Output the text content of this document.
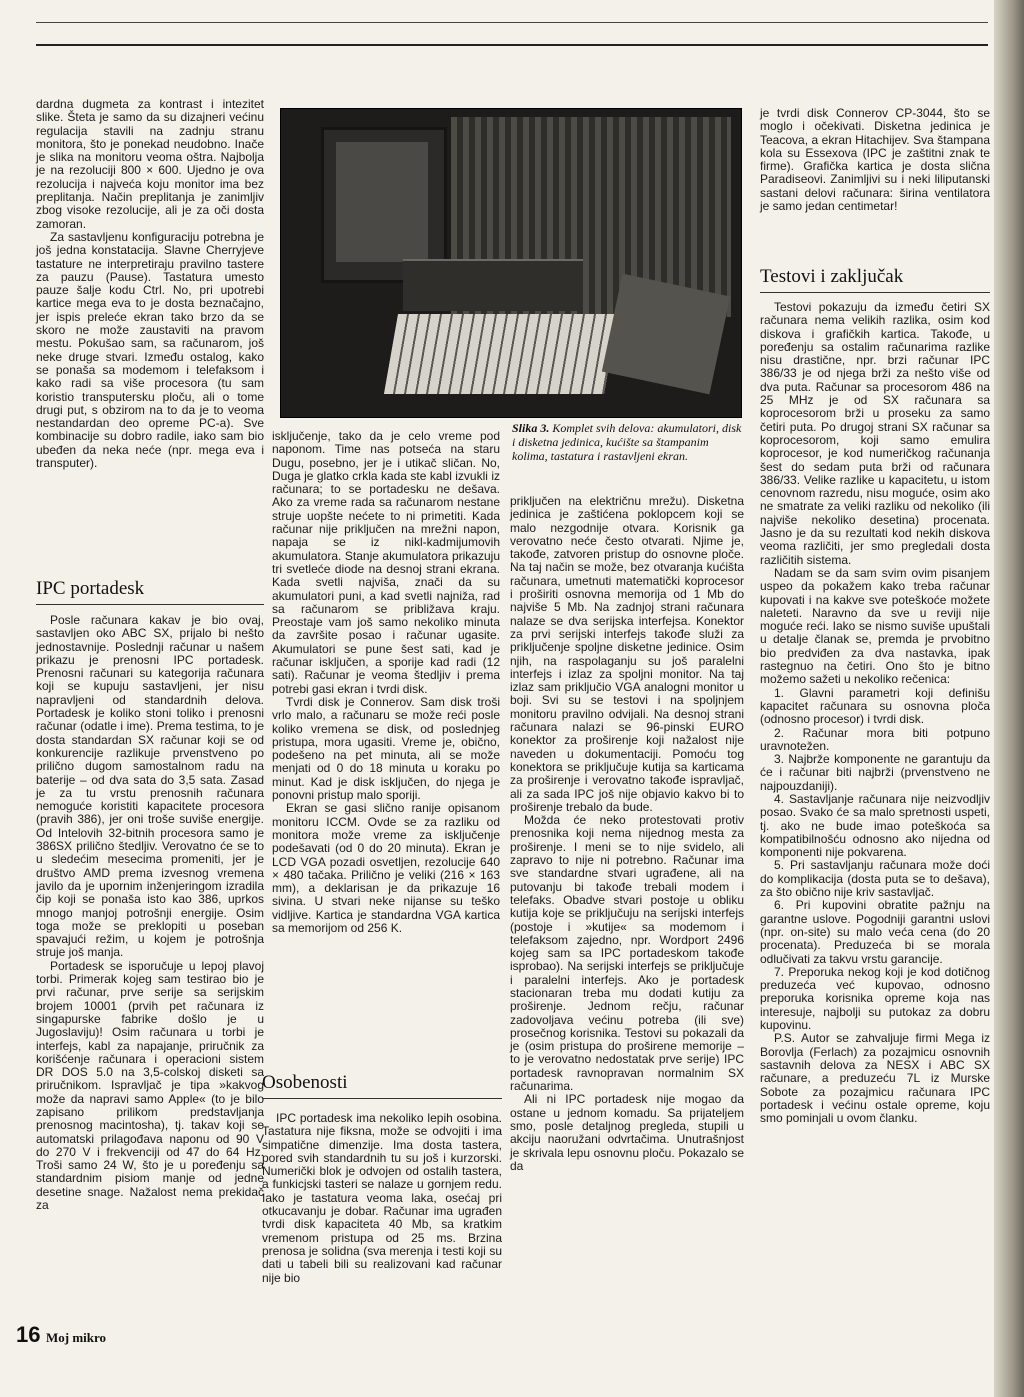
dardna dugmeta za kontrast i intezitet slike. Šteta je samo da su dizajneri većinu regulacija stavili na zadnju stranu monitora, što je ponekad neudobno. Inače je slika na monitoru veoma oštra. Najbolja je na rezoluciji 800 × 600. Ujedno je ova rezolucija i najveća koju monitor ima bez preplitanja. Način preplitanja je zanimljiv zbog visoke rezolucije, ali je za oči dosta zamoran.

Za sastavljenu konfiguraciju potrebna je još jedna konstatacija. Slavne Cherryjeve tastature ne interpretiraju pravilno tastere za pauzu (Pause). Tastatura umesto pauze šalje kodu Ctrl. No, pri upotrebi kartice mega eva to je dosta beznačajno, jer ispis preleće ekran tako brzo da se skoro ne može zaustaviti na pravom mestu. Pokušao sam, sa računarom, još neke druge stvari. Između ostalog, kako se ponaša sa modemom i telefaksom i kako radi sa više procesora (tu sam koristio transputersku ploču, ali o tome drugi put, s obzirom na to da je to veoma nestandardan deo opreme PC-a). Sve kombinacije su dobro radile, iako sam bio ubeđen da neka neće (npr. mega eva i transputer).

IPC portadesk

Posle računara kakav je bio ovaj, sastavljen oko ABC SX, prijalo bi nešto jednostavnije. Poslednji računar u našem prikazu je prenosni IPC portadesk. Prenosni računari su kategorija računara koji se kupuju sastavljeni, jer nisu napravljeni od standardnih delova. Portadesk je koliko stoni toliko i prenosni računar (odatle i ime). Prema testima, to je dosta standardan SX računar koji se od konkurencije razlikuje prvenstveno po prilično dugom samostalnom radu na baterije – od dva sata do 3,5 sata. Zasad je za tu vrstu prenosnih računara nemoguće koristiti kapacitete procesora (pravih 386), jer oni troše suviše energije. Od Intelovih 32-bitnih procesora samo je 386SX prilično štedljiv. Verovatno će se to u sledećim mesecima promeniti, jer je društvo AMD prema izvesnog vremena javilo da je upornim inženjeringom izradila čip koji se ponaša isto kao 386, uprkos mnogo manjoj potrošnji energije. Osim toga može se preklopiti u poseban spavajući režim, u kojem je potrošnja struje još manja.

Portadesk se isporučuje u lepoj plavoj torbi. Primerak kojeg sam testirao bio je prvi računar, prve serije sa serijskim brojem 10001 (prvih pet računara iz singapurske fabrike došlo je u Jugoslaviju)! Osim računara u torbi je interfejs, kabl za napajanje, priručnik za korišćenje računara i operacioni sistem DR DOS 5.0 na 3,5-colskoj disketi sa priručnikom. Ispravljač je tipa »kakvog može da napravi samo Apple« (to je bilo zapisano prilikom predstavljanja prenosnog macintosha), tj. takav koji se automatski prilagođava naponu od 90 V do 270 V i frekvenciji od 47 do 64 Hz. Troši samo 24 W, što je u poređenju sa standardnim pisiom manje od jedne desetine snage. Nažalost nema prekidač za

Slika 3. Komplet svih delova: akumulatori, disk i disketna jedinica, kućište sa štampanim kolima, tastatura i rastavljeni ekran.

isključenje, tako da je celo vreme pod naponom. Time nas potseća na staru Dugu, posebno, jer je i utikač sličan. No, Duga je glatko crkla kada ste kabl izvukli iz računara; to se portadesku ne dešava. Ako za vreme rada sa računarom nestane struje uopšte nećete to ni primetiti. Kada računar nije priključen na mrežni napon, napaja se iz nikl-kadmijumovih akumulatora. Stanje akumulatora prikazuju tri svetleće diode na desnoj strani ekrana. Kada svetli najviša, znači da su akumulatori puni, a kad svetli najniža, rad sa računarom se približava kraju. Preostaje vam još samo nekoliko minuta da završite posao i računar ugasite. Akumulatori se pune šest sati, kad je računar isključen, a sporije kad radi (12 sati). Računar je veoma štedljiv i prema potrebi gasi ekran i tvrdi disk.

Tvrdi disk je Connerov. Sam disk troši vrlo malo, a računaru se može reći posle koliko vremena se disk, od poslednjeg pristupa, mora ugasiti. Vreme je, obično, podešeno na pet minuta, ali se može menjati od 0 do 18 minuta u koraku po minut. Kad je disk isključen, do njega je ponovni pristup malo sporiji.

Ekran se gasi slično ranije opisanom monitoru ICCM. Ovde se za razliku od monitora može vreme za isključenje podešavati (od 0 do 20 minuta). Ekran je LCD VGA pozadi osvetljen, rezolucije 640 × 480 tačaka. Prilično je veliki (216 × 163 mm), a deklarisan je da prikazuje 16 sivina. U stvari neke nijanse su teško vidljive. Kartica je standardna VGA kartica sa memorijom od 256 K.

Osobenosti

IPC portadesk ima nekoliko lepih osobina. Tastatura nije fiksna, može se odvojiti i ima simpatične dimenzije. Ima dosta tastera, pored svih standardnih tu su još i kurzorski. Numerički blok je odvojen od ostalih tastera, a funkicjski tasteri se nalaze u gornjem redu. Iako je tastatura veoma laka, osećaj pri otkucavanju je dobar. Računar ima ugrađen tvrdi disk kapaciteta 40 Mb, sa kratkim vremenom pristupa od 25 ms. Brzina prenosa je solidna (sva merenja i testi koji su dati u tabeli bili su realizovani kad računar nije bio

priključen na električnu mrežu). Disketna jedinica je zaštićena poklopcem koji se malo nezgodnije otvara. Korisnik ga verovatno neće često otvarati. Njime je, takođe, zatvoren pristup do osnovne ploče. Na taj način se može, bez otvaranja kućišta računara, umetnuti matematički koprocesor i proširiti osnovna memorija od 1 Mb do najviše 5 Mb. Na zadnjoj strani računara nalaze se dva serijska interfejsa. Konektor za prvi serijski interfejs takođe služi za priključenje spoljne disketne jedinice. Osim njih, na raspolaganju su još paralelni interfejs i izlaz za spoljni monitor. Na taj izlaz sam priključio VGA analogni monitor u boji. Svi su se testovi i na spoljnjem monitoru pravilno odvijali. Na desnoj strani računara nalazi se 96-pinski EURO konektor za proširenje koji nažalost nije naveden u dokumentaciji. Pomoću tog konektora se priključuje kutija sa karticama za proširenje i verovatno takođe ispravljač, ali za sada IPC još nije objavio kakvo bi to proširenje trebalo da bude.

Možda će neko protestovati protiv prenosnika koji nema nijednog mesta za proširenje. I meni se to nije svidelo, ali zapravo to nije ni potrebno. Računar ima sve standardne stvari ugrađene, ali na putovanju bi takođe trebali modem i telefaks. Obadve stvari postoje u obliku kutija koje se priključuju na serijski interfejs (postoje i »kutije« sa modemom i telefaksom zajedno, npr. Wordport 2496 kojeg sam sa IPC portadeskom takođe isprobao). Na serijski interfejs se priključuje i paralelni interfejs. Ako je portadesk stacionaran treba mu dodati kutiju za proširenje. Jednom rečju, računar zadovoljava većinu potreba (ili sve) prosečnog korisnika. Testovi su pokazali da je (osim pristupa do proširene memorije – to je verovatno nedostatak prve serije) IPC portadesk ravnopravan normalnim SX računarima.

Ali ni IPC portadesk nije mogao da ostane u jednom komadu. Sa prijateljem smo, posle detaljnog pregleda, stupili u akciju naoružani odvrtačima. Unutrašnjost je skrivala lepu osnovnu ploču. Pokazalo se da

je tvrdi disk Connerov CP-3044, što se moglo i očekivati. Disketna jedinica je Teacova, a ekran Hitachijev. Sva štampana kola su Essexova (IPC je zaštitni znak te firme). Grafička kartica je dosta slična Paradiseovi. Zanimljivi su i neki liliputanski sastani delovi računara: širina ventilatora je samo jedan centimetar!

Testovi i zaključak

Testovi pokazuju da između četiri SX računara nema velikih razlika, osim kod diskova i grafičkih kartica. Takođe, u poređenju sa ostalim računarima razlike nisu drastične, npr. brzi računar IPC 386/33 je od njega brži za nešto više od dva puta. Računar sa procesorom 486 na 25 MHz je od SX računara sa koprocesorom brži u proseku za samo četiri puta. Po drugoj strani SX računar sa koprocesorom, koji samo emulira koprocesor, je kod numeričkog računanja šest do sedam puta brži od računara 386/33. Velike razlike u kapacitetu, u istom cenovnom razredu, nisu moguće, osim ako ne smatrate za veliki razliku od nekoliko (ili najviše nekoliko desetina) procenata. Jasno je da su rezultati kod nekih diskova veoma različiti, jer smo pregledali dosta različitih sistema.

Nadam se da sam svim ovim pisanjem uspeo da pokažem kako treba računar kupovati i na kakve sve poteškoće možete naleteti. Naravno da sve u reviji nije moguće reći. Iako se nismo suviše upuštali u detalje članak se, premda je prvobitno bio predviđen za dva nastavka, ipak rastegnuo na četiri. Ono što je bitno možemo sažeti u nekoliko rečenica:

1. Glavni parametri koji definišu kapacitet računara su osnovna ploča (odnosno procesor) i tvrdi disk.

2. Računar mora biti potpuno uravnotežen.

3. Najbrže komponente ne garantuju da će i računar biti najbrži (prvenstveno ne najpouzdaniji).

4. Sastavljanje računara nije neizvodljiv posao. Svako će sa malo spretnosti uspeti, tj. ako ne bude imao poteškoća sa kompatibilnošću odnosno ako nijedna od komponenti nije pokvarena.

5. Pri sastavljanju računara može doći do komplikacija (dosta puta se to dešava), za što obično nije kriv sastavljač.

6. Pri kupovini obratite pažnju na garantne uslove. Pogodniji garantni uslovi (npr. on-site) su malo veća cena (do 20 procenata). Preduzeća bi se morala odlučivati za takvu vrstu garancije.

7. Preporuka nekog koji je kod dotičnog preduzeća već kupovao, odnosno preporuka korisnika opreme koja nas interesuje, najbolji su putokaz za dobru kupovinu.

P.S. Autor se zahvaljuje firmi Mega iz Borovlja (Ferlach) za pozajmicu osnovnih sastavnih delova za NESX i ABC SX računare, a preduzeću 7L iz Murske Sobote za pozajmicu računara IPC portadesk i većinu ostale opreme, koju smo pominjali u ovom članku.

16 Moj mikro
